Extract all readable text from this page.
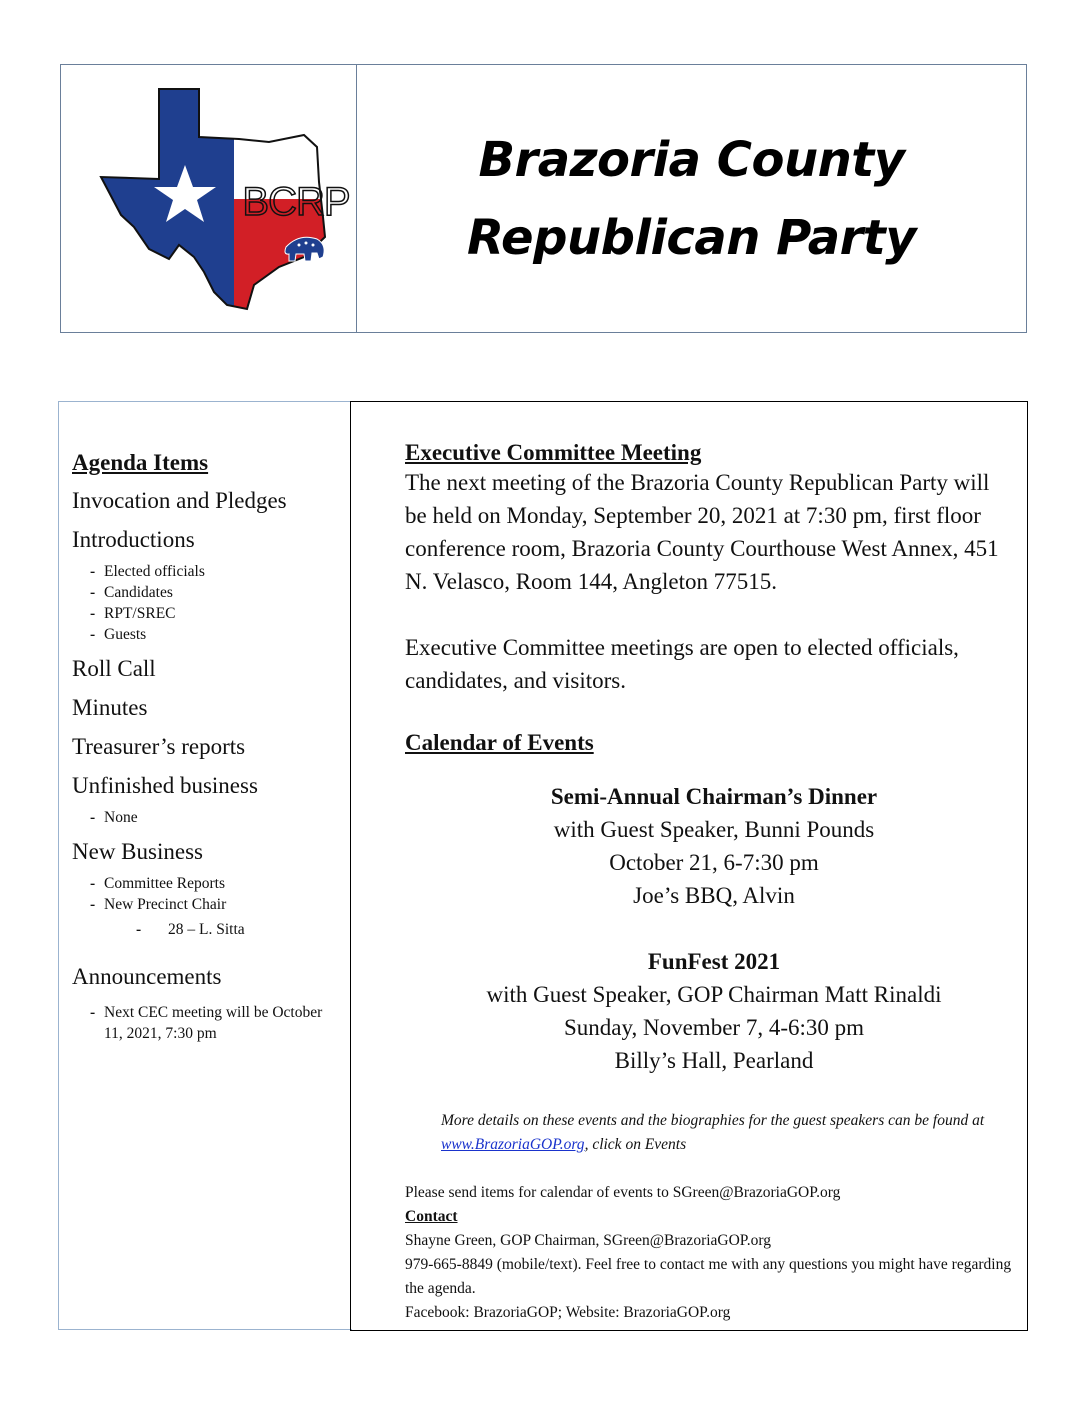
BCRP
Brazoria County
Republican Party
Agenda Items

Invocation and Pledges

Introductions

- Elected officials
- Candidates
- RPT/SREC
- Guests

Roll Call

Minutes

Treasurer’s reports

Unfinished business

- None

New Business

- Committee Reports
- New Precinct Chair
- 28 – L. Sitta

Announcements

- Next CEC meeting will be October 11, 2021, 7:30 pm
Executive Committee Meeting
The next meeting of the Brazoria County Republican Party will be held on Monday, September 20, 2021 at 7:30 pm, first floor conference room, Brazoria County Courthouse West Annex, 451 N. Velasco, Room 144, Angleton 77515.
Executive Committee meetings are open to elected officials, candidates, and visitors.
Calendar of Events
Semi-Annual Chairman’s Dinner
with Guest Speaker, Bunni Pounds
October 21, 6-7:30 pm
Joe’s BBQ, Alvin
FunFest 2021
with Guest Speaker, GOP Chairman Matt Rinaldi
Sunday, November 7, 4-6:30 pm
Billy’s Hall, Pearland
More details on these events and the biographies for the guest speakers can be found at www.BrazoriaGOP.org, click on Events
Please send items for calendar of events to SGreen@BrazoriaGOP.org
Contact
Shayne Green, GOP Chairman, SGreen@BrazoriaGOP.org
979-665-8849 (mobile/text). Feel free to contact me with any questions you might have regarding the agenda.
Facebook: BrazoriaGOP; Website: BrazoriaGOP.org
